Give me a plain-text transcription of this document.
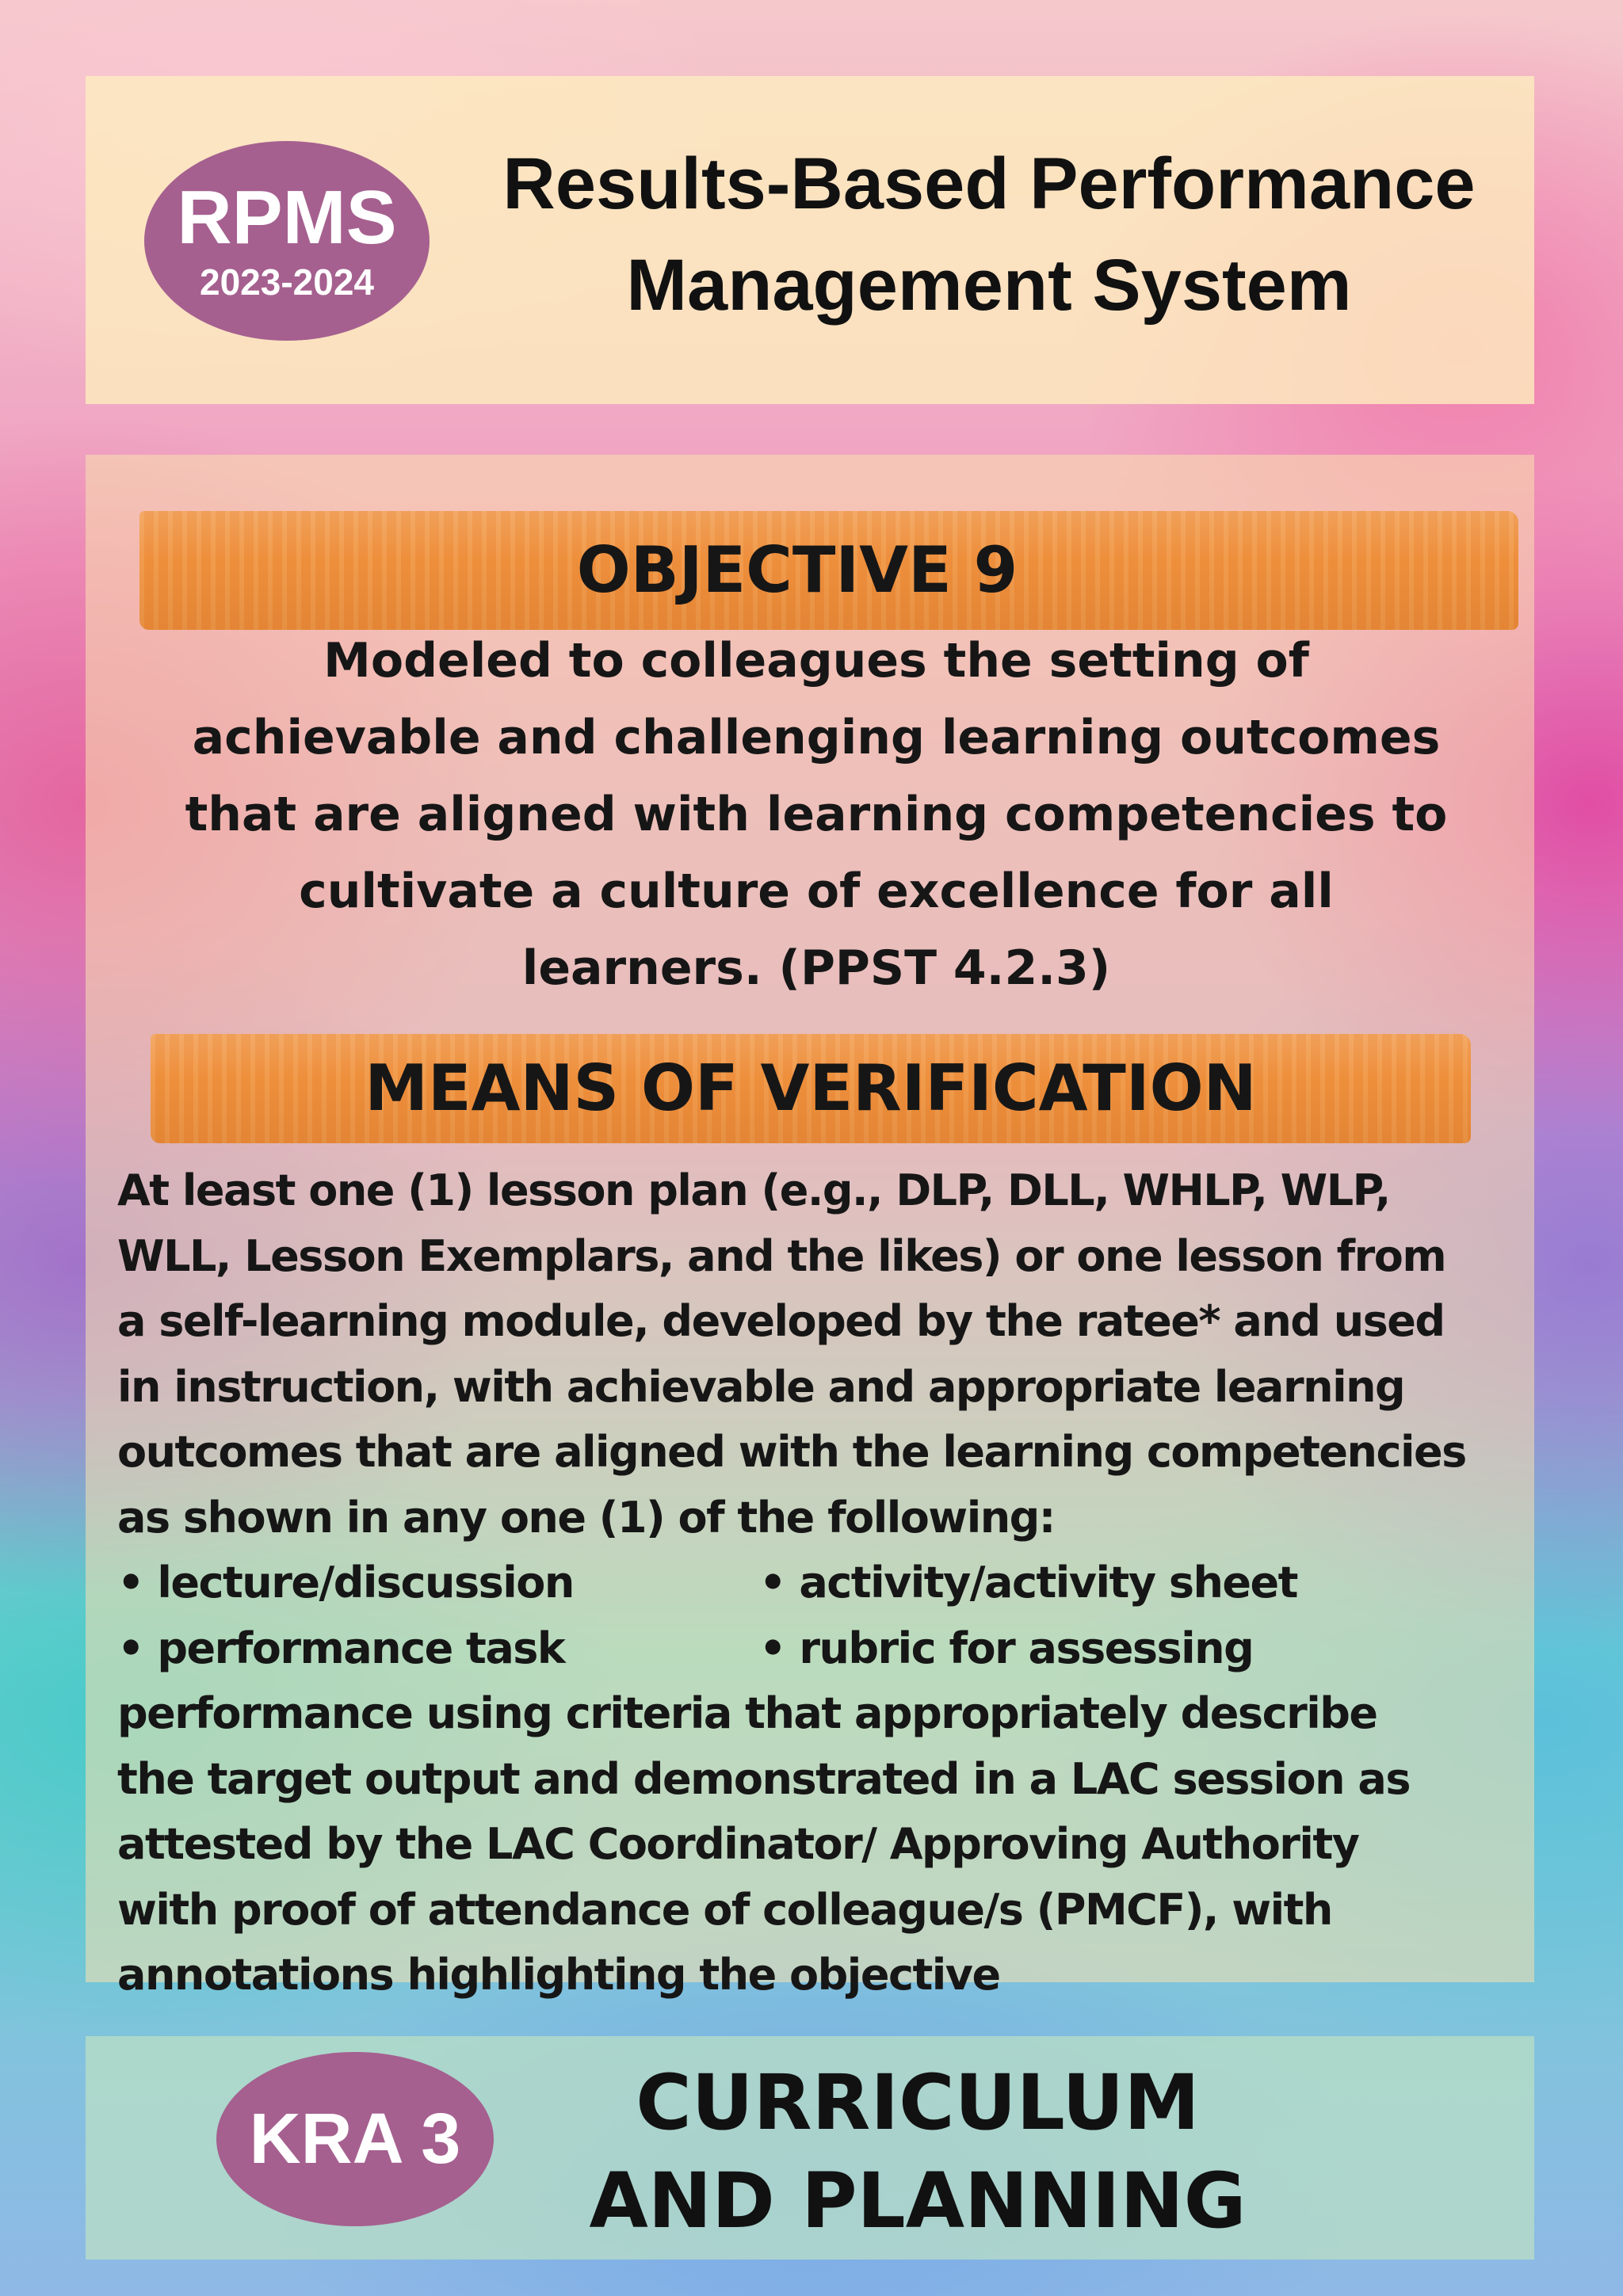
RPMS
2023-2024
Results-Based Performance
Management System
OBJECTIVE 9
Modeled to colleagues the setting of
achievable and challenging learning outcomes
that are aligned with learning competencies to
cultivate a culture of excellence for all
learners. (PPST 4.2.3)
MEANS OF VERIFICATION
At least one (1) lesson plan (e.g., DLP, DLL, WHLP, WLP,
WLL, Lesson Exemplars, and the likes) or one lesson from
a self-learning module, developed by the ratee* and used
in instruction, with achievable and appropriate learning
outcomes that are aligned with the learning competencies
as shown in any one (1) of the following:
• lecture/discussion	• activity/activity sheet
• performance task	• rubric for assessing
performance using criteria that appropriately describe
the target output and demonstrated in a LAC session as
attested by the LAC Coordinator/ Approving Authority
with proof of attendance of colleague/s (PMCF), with
annotations highlighting the objective
KRA 3	CURRICULUM
AND PLANNING
